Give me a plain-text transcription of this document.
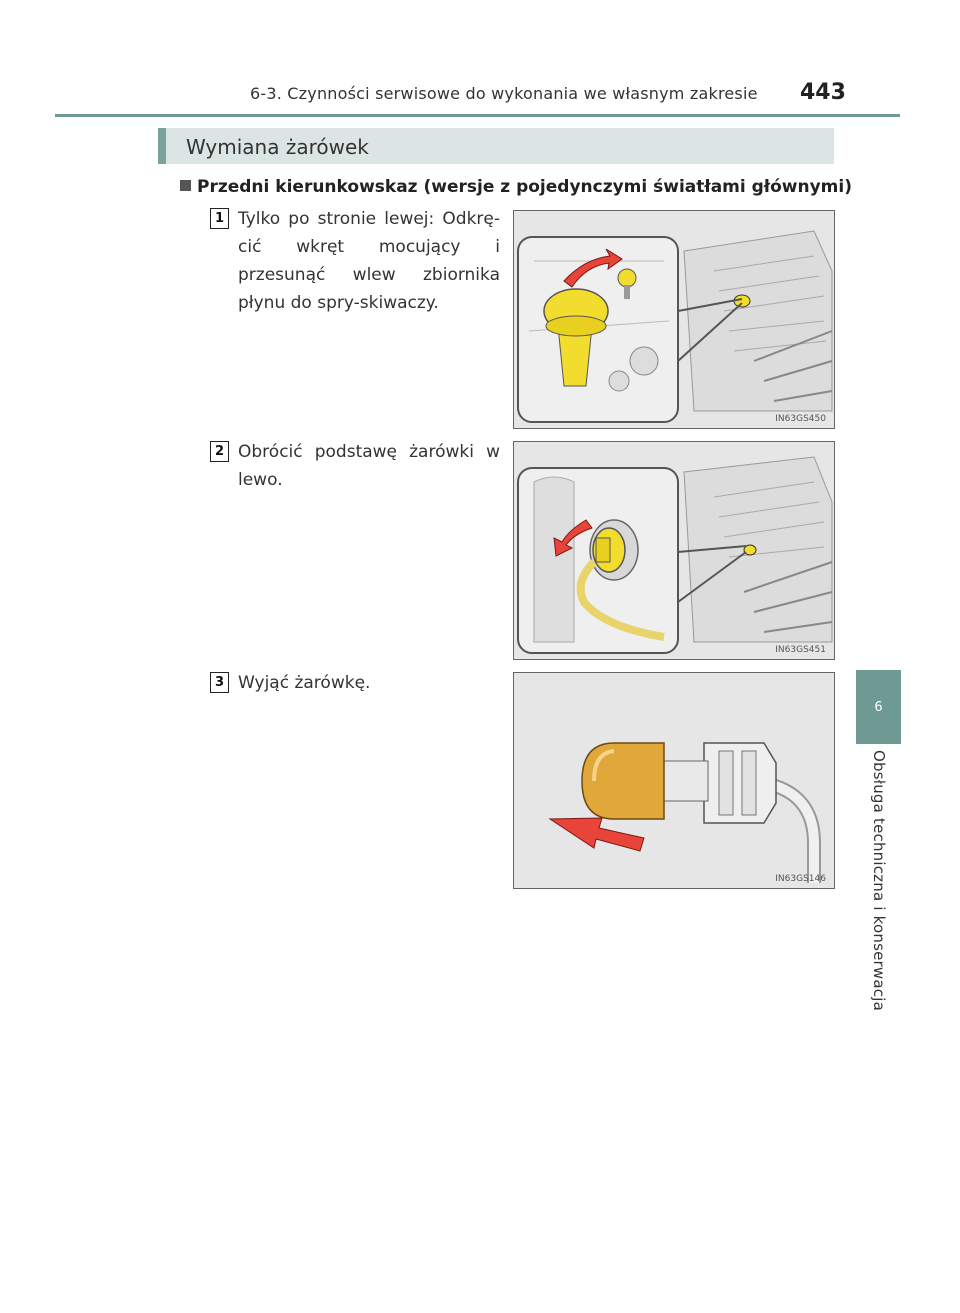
6-3. Czynności serwisowe do wykonania we własnym zakresie 443
6
Obsługa techniczna i konserwacja
Wymiana żarówek
Przedni kierunkowskaz (wersje z pojedynczymi światłami głównymi)
1 Tylko po stronie lewej: Odkrę-cić wkręt mocujący i przesunąć wlew zbiornika płynu do spry-skiwaczy.
IN63GS450
2 Obrócić podstawę żarówki w lewo.
IN63GS451
3 Wyjąć żarówkę.
IN63GS146
